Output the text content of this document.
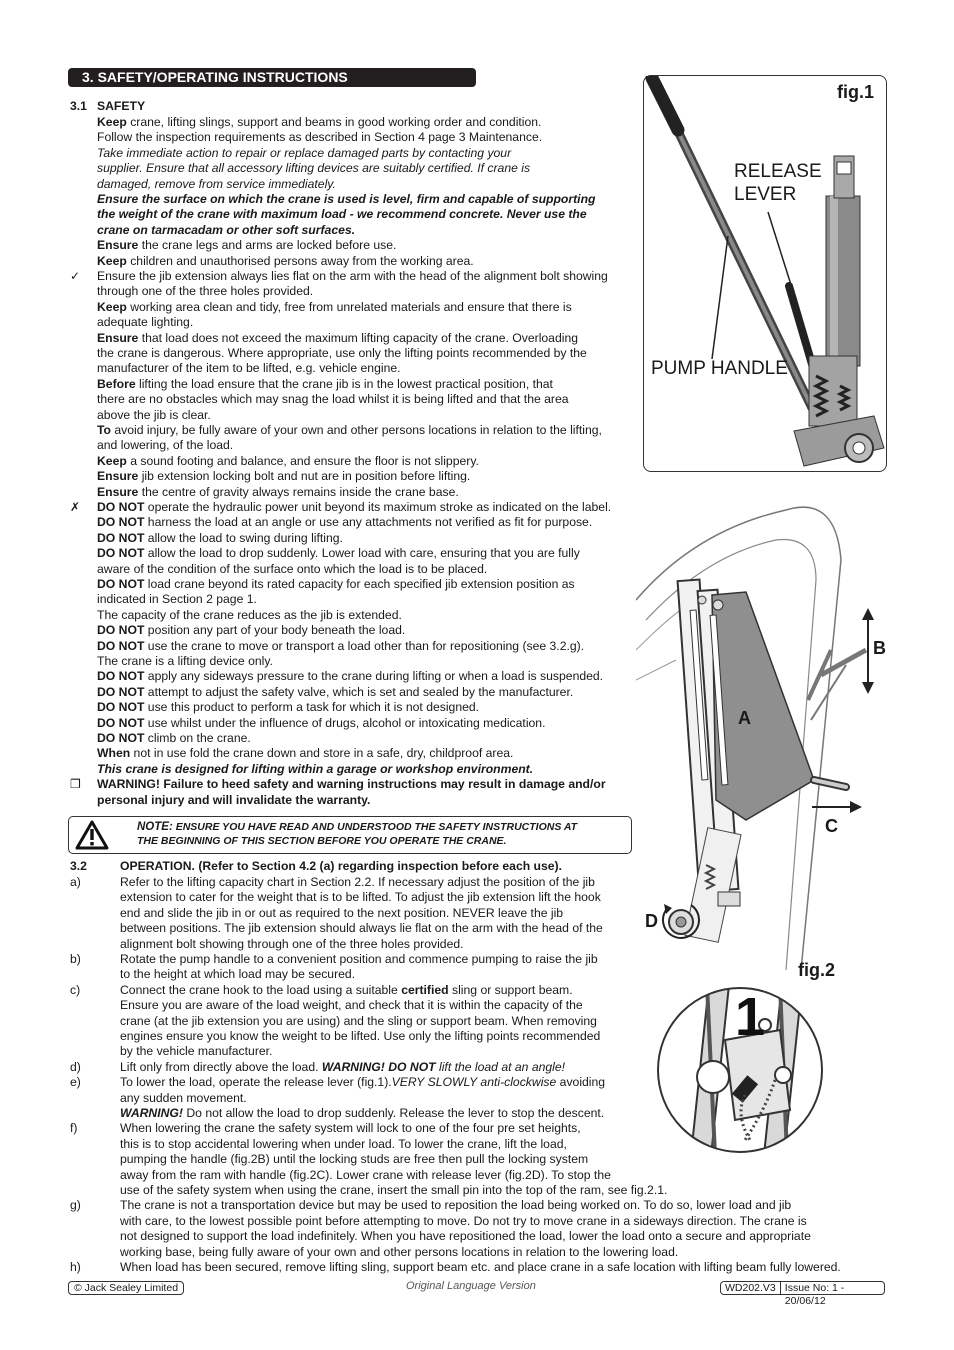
3. SAFETY/OPERATING INSTRUCTIONS
3.1 SAFETY
Keep crane, lifting slings, support and beams in good working order and condition.
Follow the inspection requirements as described in Section 4 page 3 Maintenance.
Take immediate action to repair or replace damaged parts by contacting your
supplier. Ensure that all accessory lifting devices are suitably certified. If crane is
damaged, remove from service immediately.
Ensure the surface on which the crane is used is level, firm and capable of supporting
the weight of the crane with maximum load - we recommend concrete. Never use the
crane on tarmacadam or other soft surfaces.
Ensure the crane legs and arms are locked before use.
Keep children and unauthorised persons away from the working area.
✓ Ensure the jib extension always lies flat on the arm with the head of the alignment bolt showing
through one of the three holes provided.
Keep working area clean and tidy, free from unrelated materials and ensure that there is
adequate lighting.
Ensure that load does not exceed the maximum lifting capacity of the crane. Overloading
the crane is dangerous. Where appropriate, use only the lifting points recommended by the
manufacturer of the item to be lifted, e.g. vehicle engine.
Before lifting the load ensure that the crane jib is in the lowest practical position, that
there are no obstacles which may snag the load whilst it is being lifted and that the area
above the jib is clear.
To avoid injury, be fully aware of your own and other persons locations in relation to the lifting,
and lowering, of the load.
Keep a sound footing and balance, and ensure the floor is not slippery.
Ensure jib extension locking bolt and nut are in position before lifting.
Ensure the centre of gravity always remains inside the crane base.
✗ DO NOT operate the hydraulic power unit beyond its maximum stroke as indicated on the label.
DO NOT harness the load at an angle or use any attachments not verified as fit for purpose.
DO NOT allow the load to swing during lifting.
DO NOT allow the load to drop suddenly. Lower load with care, ensuring that you are fully
aware of the condition of the surface onto which the load is to be placed.
DO NOT load crane beyond its rated capacity for each specified jib extension position as
indicated in Section 2 page 1.
The capacity of the crane reduces as the jib is extended.
DO NOT position any part of your body beneath the load.
DO NOT use the crane to move or transport a load other than for repositioning (see 3.2.g).
The crane is a lifting device only.
DO NOT apply any sideways pressure to the crane during lifting or when a load is suspended.
DO NOT attempt to adjust the safety valve, which is set and sealed by the manufacturer.
DO NOT use this product to perform a task for which it is not designed.
DO NOT use whilst under the influence of drugs, alcohol or intoxicating medication.
DO NOT climb on the crane.
When not in use fold the crane down and store in a safe, dry, childproof area.
This crane is designed for lifting within a garage or workshop environment.
❒ WARNING! Failure to heed safety and warning instructions may result in damage and/or
personal injury and will invalidate the warranty.
NOTE: ENSURE YOU HAVE READ AND UNDERSTOOD THE SAFETY INSTRUCTIONS AT
THE BEGINNING OF THIS SECTION BEFORE YOU OPERATE THE CRANE.
3.2	OPERATION. (Refer to Section 4.2 (a) regarding inspection before each use).
a)	Refer to the lifting capacity chart in Section 2.2. If necessary adjust the position of the jib
extension to cater for the weight that is to be lifted. To adjust the jib extension lift the hook
end and slide the jib in or out as required to the next position. NEVER leave the jib
between positions. The jib extension should always lie flat on the arm with the head of the
alignment bolt showing through one of the three holes provided.
b)	Rotate the pump handle to a convenient position and commence pumping to raise the jib
to the height at which load may be secured.
c)	Connect the crane hook to the load using a suitable certified sling or support beam.
Ensure you are aware of the load weight, and check that it is within the capacity of the
crane (at the jib extension you are using) and the sling or support beam. When removing
engines ensure you know the weight to be lifted. Use only the lifting points recommended
by the vehicle manufacturer.
d)	Lift only from directly above the load. WARNING! DO NOT lift the load at an angle!
e)	To lower the load, operate the release lever (fig.1).VERY SLOWLY anti-clockwise avoiding
any sudden movement.
WARNING! Do not allow the load to drop suddenly. Release the lever to stop the descent.
f)	When lowering the crane the safety system will lock to one of the four pre set heights,
this is to stop accidental lowering when under load. To lower the crane, lift the load,
pumping the handle (fig.2B) until the locking studs are free then pull the locking system
away from the ram with handle (fig.2C). Lower crane with release lever (fig.2D). To stop the
use of the safety system when using the crane, insert the small pin into the top of the ram, see fig.2.1.
g)	The crane is not a transportation device but may be used to reposition the load being worked on. To do so, lower load and jib
with care, to the lowest possible point before attempting to move. Do not try to move crane in a sideways direction. The crane is
not designed to support the load indefinitely. When you have repositioned the load, lower the load onto a secure and appropriate
working base, being fully aware of your own and other persons locations in relation to the lowering load.
h)	When load has been secured, remove lifting sling, support beam etc. and place crane in a safe location with lifting beam fully lowered.
fig.1
RELEASE
LEVER
PUMP HANDLE
B
A
C
D
fig.2
1
© Jack Sealey Limited	Original Language Version	WD202.V3 Issue No: 1 - 20/06/12
